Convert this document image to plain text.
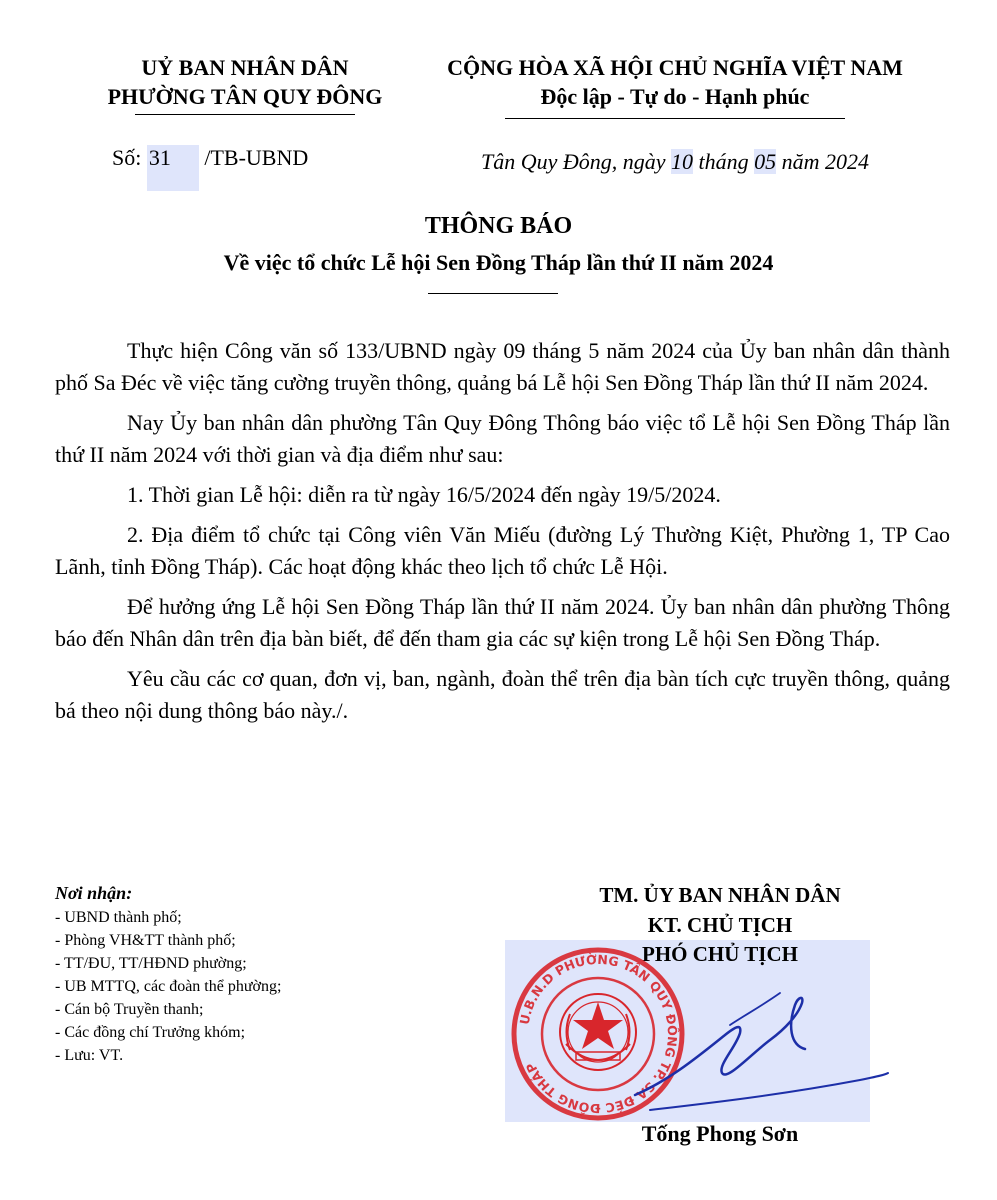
UỶ BAN NHÂN DÂN
PHƯỜNG TÂN QUY ĐÔNG
Số: 31 /TB-UBND
CỘNG HÒA XÃ HỘI CHỦ NGHĨA VIỆT NAM
Độc lập - Tự do - Hạnh phúc
Tân Quy Đông, ngày 10 tháng 05 năm 2024
THÔNG BÁO
Về việc tổ chức Lễ hội Sen Đồng Tháp lần thứ II năm 2024

Thực hiện Công văn số 133/UBND ngày 09 tháng 5 năm 2024 của Ủy ban nhân dân thành phố Sa Đéc về việc tăng cường truyền thông, quảng bá Lễ hội Sen Đồng Tháp lần thứ II năm 2024.

Nay Ủy ban nhân dân phường Tân Quy Đông Thông báo việc tổ Lễ hội Sen Đồng Tháp lần thứ II năm 2024 với thời gian và địa điểm như sau:

1. Thời gian Lễ hội: diễn ra từ ngày 16/5/2024 đến ngày 19/5/2024.

2. Địa điểm tổ chức tại Công viên Văn Miếu (đường Lý Thường Kiệt, Phường 1, TP Cao Lãnh, tỉnh Đồng Tháp). Các hoạt động khác theo lịch tổ chức Lễ Hội.

Để hưởng ứng Lễ hội Sen Đồng Tháp lần thứ II năm 2024. Ủy ban nhân dân phường Thông báo đến Nhân dân trên địa bàn biết, để đến tham gia các sự kiện trong Lễ hội Sen Đồng Tháp.

Yêu cầu các cơ quan, đơn vị, ban, ngành, đoàn thể trên địa bàn tích cực truyền thông, quảng bá theo nội dung thông báo này./.

Nơi nhận:
- UBND thành phố;
- Phòng VH&TT thành phố;
- TT/ĐU, TT/HĐND phường;
- UB MTTQ, các đoàn thể phường;
- Cán bộ Truyền thanh;
- Các đồng chí Trưởng khóm;
- Lưu: VT.
TM. ỦY BAN NHÂN DÂN
KT. CHỦ TỊCH
PHÓ CHỦ TỊCH
U.B.N.D PHƯỜNG TÂN QUY ĐÔNG TP. SA ĐÉC ĐỒNG THÁP
Tống Phong Sơn
